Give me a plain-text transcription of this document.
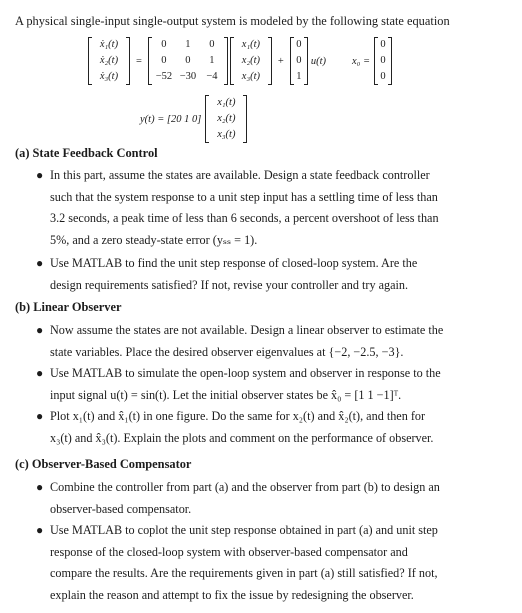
A physical single-input single-output system is modeled by the following state equation
ẋ₁(t)
ẋ₂(t)
ẋ₃(t)
=
0	1	0
0	0	1
−52 −30 −4
x₁(t)
x₂(t)
x₃(t)
+
0
0
1
u(t) x₀ =
0
0
0
y(t) = [20 1 0]
x₁(t)
x₂(t)
x₃(t)
(a) State Feedback Control
● In this part, assume the states are available. Design a state feedback controller
such that the system response to a unit step input has a settling time of less than
3.2 seconds, a peak time of less than 6 seconds, a percent overshoot of less than
5%, and a zero steady-state error (yₛₛ = 1).
● Use MATLAB to find the unit step response of closed-loop system. Are the
design requirements satisfied? If not, revise your controller and try again.
(b) Linear Observer
● Now assume the states are not available. Design a linear observer to estimate the
state variables. Place the desired observer eigenvalues at {−2, −2.5, −3}.
● Use MATLAB to simulate the open-loop system and observer in response to the
input signal u(t) = sin(t). Let the initial observer states be x̂₀ = [1 1 −1]ᵀ.
● Plot x₁(t) and x̂₁(t) in one figure. Do the same for x₂(t) and x̂₂(t), and then for
x₃(t) and x̂₃(t). Explain the plots and comment on the performance of observer.
(c) Observer-Based Compensator
● Combine the controller from part (a) and the observer from part (b) to design an
observer-based compensator.
● Use MATLAB to coplot the unit step response obtained in part (a) and unit step
response of the closed-loop system with observer-based compensator and
compare the results. Are the requirements given in part (a) still satisfied? If not,
explain the reason and attempt to fix the issue by redesigning the observer.
